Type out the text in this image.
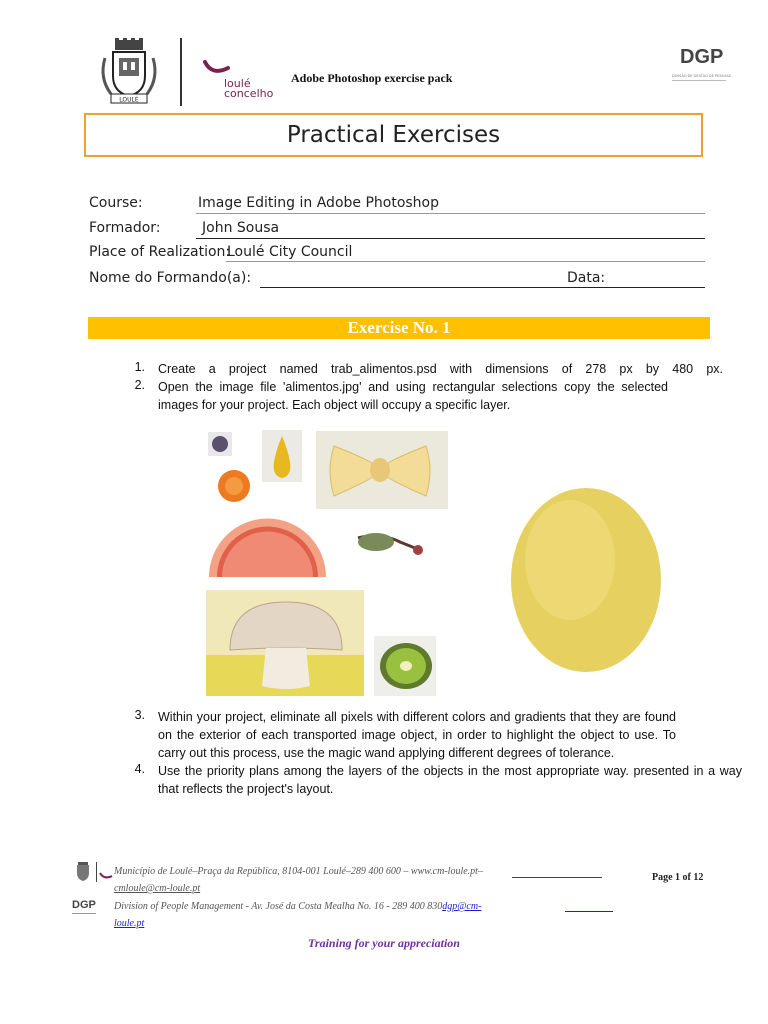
LOULÉ
loulé
concelho
Adobe Photoshop exercise pack
DGP
DIVISÃO DE GESTÃO DE PESSOAS
Practical Exercises
Course:	Image Editing in Adobe Photoshop
Formador:	John Sousa
Place of Realization:
Loulé City Council
Nome do Formando(a):	Data:
Exercise No. 1
1. Create a project named trab_alimentos.psd with dimensions of 278 px by 480 px.
2. Open the image file 'alimentos.jpg' and using rectangular selections copy the selected images for your project. Each object will occupy a specific layer.
3. Within your project, eliminate all pixels with different colors and gradients that they are found on the exterior of each transported image object, in order to highlight the object to use. To carry out this process, use the magic wand applying different degrees of tolerance.
4. Use the priority plans among the layers of the objects in the most appropriate way. presented in a way that reflects the project's layout.
Município de Loulé–Praça da República, 8104-001 Loulé–289 400 600 – www.cm-loule.pt–
cmloule@cm-loule.pt
Page 1 of 12
DGP	Division of People Management - Av. José da Costa Mealha No. 16 - 289 400 830dgp@cm-
loule.pt
Training for your appreciation
